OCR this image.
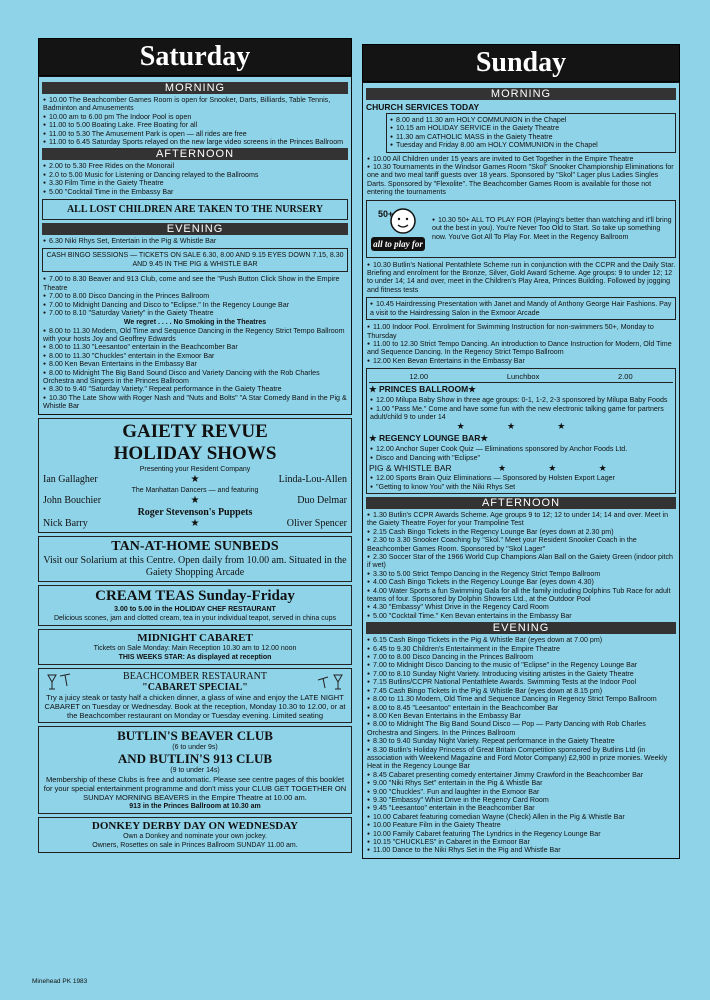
Saturday
MORNING
● 10.00 The Beachcomber Games Room is open for Snooker, Darts, Billiards, Table Tennis, Badminton and Amusements
● 10.00 am to 6.00 pm The Indoor Pool is open
● 11.00 to 5.00 Boating Lake. Free Boating for all
● 11.00 to 5.30 The Amusement Park is open — all rides are free
● 11.00 to 6.45 Saturday Sports relayed on the new large video screens in the Princes Ballroom
AFTERNOON
● 2.00 to 5.30 Free Rides on the Monorail
● 2.0 to 5.00 Music for Listening or Dancing relayed to the Ballrooms
● 3.30 Film Time in the Gaiety Theatre
● 5.00 "Cocktail Time in the Embassy Bar
ALL LOST CHILDREN ARE TAKEN TO THE NURSERY
EVENING
● 6.30 Niki Rhys Set, Entertain in the Pig & Whistle Bar
CASH BINGO SESSIONS — TICKETS ON SALE 6.30, 8.00 AND 9.15 EYES DOWN 7.15, 8.30 AND 9.45 IN THE PIG & WHISTLE BAR
● 7.00 to 8.30 Beaver and 913 Club, come and see the "Push Button Click Show in the Empire Theatre
● 7.00 to 8.00 Disco Dancing in the Princes Ballroom
● 7.00 to Midnight Dancing and Disco to "Eclipse." In the Regency Lounge Bar
● 7.00 to 8.10 "Saturday Variety" in the Gaiety Theatre
We regret . . . . No Smoking in the Theatres
● 8.00 to 11.30 Modern, Old Time and Sequence Dancing in the Regency Strict Tempo Ballroom with your hosts Joy and Geoffrey Edwards
● 8.00 to 11.30 "Leesantoo" entertain in the Beachcomber Bar
● 8.00 to 11.30 "Chuckles" entertain in the Exmoor Bar
● 8.00 Ken Bevan Entertains in the Embassy Bar
● 8.00 to Midnight The Big Band Sound Disco and Variety Dancing with the Rob Charles Orchestra and Singers in the Princes Ballroom
● 8.30 to 9.40 "Saturday Variety." Repeat performance in the Gaiety Theatre
● 10.30 The Late Show with Roger Nash and "Nuts and Bolts" "A Star Comedy Band in the Pig & Whistle Bar
GAIETY REVUE
HOLIDAY SHOWS
Presenting your Resident Company
Ian Gallagher	★	Linda-Lou-Allen
The Manhattan Dancers — and featuring
John Bouchier	★	Duo Delmar
Roger Stevenson's Puppets
Nick Barry	★	Oliver Spencer
TAN-AT-HOME SUNBEDS
Visit our Solarium at this Centre. Open daily from 10.00 am. Situated in the Gaiety Shopping Arcade
CREAM TEAS Sunday-Friday
3.00 to 5.00 in the HOLIDAY CHEF RESTAURANT
Delicious scones, jam and clotted cream, tea in your individual teapot, served in china cups
MIDNIGHT CABARET
Tickets on Sale Monday: Main Reception 10.30 am to 12.00 noon
THIS WEEKS STAR: As displayed at reception
BEACHCOMBER RESTAURANT
"CABARET SPECIAL"
Try a juicy steak or tasty half a chicken dinner, a glass of wine and enjoy the LATE NIGHT CABARET on Tuesday or Wednesday. Book at the reception, Monday 10.30 to 12.00, or at the Beachcomber restaurant on Monday or Tuesday evening. Limited seating
BUTLIN'S BEAVER CLUB
(6 to under 9s)
AND BUTLIN'S 913 CLUB
(9 to under 14s)
Membership of these Clubs is free and automatic. Please see centre pages of this booklet for your special entertainment programme and don't miss your CLUB GET TOGETHER ON SUNDAY MORNING BEAVERS in the Empire Theatre at 10.00 am.
913 in the Princes Ballroom at 10.30 am
DONKEY DERBY DAY ON WEDNESDAY
Own a Donkey and nominate your own jockey.
Owners, Rosettes on sale in Princes Ballroom SUNDAY 11.00 am.
Sunday
MORNING
CHURCH SERVICES TODAY
● 8.00 and 11.30 am HOLY COMMUNION in the Chapel
● 10.15 am HOLIDAY SERVICE in the Gaiety Theatre
● 11.30 am CATHOLIC MASS in the Gaiety Theatre
● Tuesday and Friday 8.00 am HOLY COMMUNION in the Chapel
● 10.00 All Children under 15 years are invited to Get Together in the Empire Theatre
● 10.30 Tournaments in the Windsor Games Room "Skol" Snooker Championship Eliminations for one and two meal tariff guests over 18 years. Sponsored by "Skol" Lager plus Ladies Singles Darts. Sponsored by "Flexolite". The Beachcomber Games Room is available for those not entering the tournaments
all to play for
50+
● 10.30 50+ ALL TO PLAY FOR (Playing's better than watching and it'll bring out the best in you). You're Never Too Old to Start. So take up something now. You've Got All To Play For. Meet in the Regency Ballroom
● 10.30 Butlin's National Pentathlete Scheme run in conjunction with the CCPR and the Daily Star. Briefing and enrolment for the Bronze, Silver, Gold Award Scheme. Age groups: 9 to under 12; 12 to under 14; 14 and over, meet in the Children's Play Area, Princes Building. Followed by jogging and fitness tests
● 10.45 Hairdressing Presentation with Janet and Mandy of Anthony George Hair Fashions. Pay a visit to the Hairdressing Salon in the Exmoor Arcade
● 11.00 Indoor Pool. Enrolment for Swimming Instruction for non-swimmers 50+, Monday to Thursday
● 11.00 to 12.30 Strict Tempo Dancing. An introduction to Dance Instruction for Modern, Old Time and Sequence Dancing. In the Regency Strict Tempo Ballroom
● 12.00 Ken Bevan Entertains in the Embassy Bar
12.00	Lunchbox	2.00
★ PRINCES BALLROOM★
● 12.00 Milupa Baby Show in three age groups: 0-1, 1-2, 2-3 sponsored by Milupa Baby Foods
● 1.00 "Pass Me." Come and have some fun with the new electronic talking game for partners adult/child 9 to under 14
★ ★ ★
★ REGENCY LOUNGE BAR★
● 12.00 Anchor Super Cook Quiz — Eliminations sponsored by Anchor Foods Ltd.
● Disco and Dancing with "Eclipse"
PIG & WHISTLE BAR	★ ★ ★
● 12.00 Sports Brain Quiz Eliminations — Sponsored by Holsten Export Lager
● "Getting to know You" with the Niki Rhys Set
AFTERNOON
● 1.30 Butlin's CCPR Awards Scheme. Age groups 9 to 12; 12 to under 14; 14 and over. Meet in the Gaiety Theatre Foyer for your Trampoline Test
● 2.15 Cash Bingo Tickets in the Regency Lounge Bar (eyes down at 2.30 pm)
● 2.30 to 3.30 Snooker Coaching by "Skol." Meet your Resident Snooker Coach in the Beachcomber Games Room. Sponsored by "Skol Lager"
● 2.30 Soccer Star of the 1966 World Cup Champions Alan Ball on the Gaiety Green (indoor pitch if wet)
● 3.30 to 5.00 Strict Tempo Dancing in the Regency Strict Tempo Ballroom
● 4.00 Cash Bingo Tickets in the Regency Lounge Bar (eyes down 4.30)
● 4.00 Water Sports a fun Swimming Gala for all the family including Dolphins Tub Race for adult teams of four. Sponsored by Dolphin Showers Ltd., at the Outdoor Pool
● 4.30 "Embassy" Whist Drive in the Regency Card Room
● 5.00 "Cocktail Time." Ken Bevan entertains in the Embassy Bar
EVENING
● 6.15 Cash Bingo Tickets in the Pig & Whistle Bar (eyes down at 7.00 pm)
● 6.45 to 9.30 Children's Entertainment in the Empire Theatre
● 7.00 to 8.00 Disco Dancing in the Princes Ballroom
● 7.00 to Midnight Disco Dancing to the music of "Eclipse" in the Regency Lounge Bar
● 7.00 to 8.10 Sunday Night Variety. Introducing visiting artistes in the Gaiety Theatre
● 7.15 Butlins/CCPR National Pentathlete Awards. Swimming Tests at the Indoor Pool
● 7.45 Cash Bingo Tickets in the Pig & Whistle Bar (eyes down at 8.15 pm)
● 8.00 to 11.30 Modern, Old Time and Sequence Dancing in Regency Strict Tempo Ballroom
● 8.00 to 8.45 "Leesantoo" entertain in the Beachcomber Bar
● 8.00 Ken Bevan Entertains in the Embassy Bar
● 8.00 to Midnight The Big Band Sound Disco — Pop — Party Dancing with Rob Charles Orchestra and Singers. In the Princes Ballroom
● 8.30 to 9.40 Sunday Night Variety. Repeat performance in the Gaiety Theatre
● 8.30 Butlin's Holiday Princess of Great Britain Competition sponsored by Butlins Ltd (in association with Weekend Magazine and Ford Motor Company) £2,900 in prize monies. Weekly Heat in the Regency Lounge Bar
● 8.45 Cabaret presenting comedy entertainer Jimmy Crawford in the Beachcomber Bar
● 9.00 "Niki Rhys Set" entertain in the Pig & Whistle Bar
● 9.00 "Chuckles". Fun and laughter in the Exmoor Bar
● 9.30 "Embassy" Whist Drive in the Regency Card Room
● 9.45 "Leesantoo" entertain in the Beachcomber Bar
● 10.00 Cabaret featuring comedian Wayne (Check) Allen in the Pig & Whistle Bar
● 10.00 Feature Film in the Gaiety Theatre
● 10.00 Family Cabaret featuring The Lyndrics in the Regency Lounge Bar
● 10.15 "CHUCKLES" in Cabaret in the Exmoor Bar
● 11.00 Dance to the Niki Rhys Set in the Pig and Whistle Bar
Minehead PK 1983
